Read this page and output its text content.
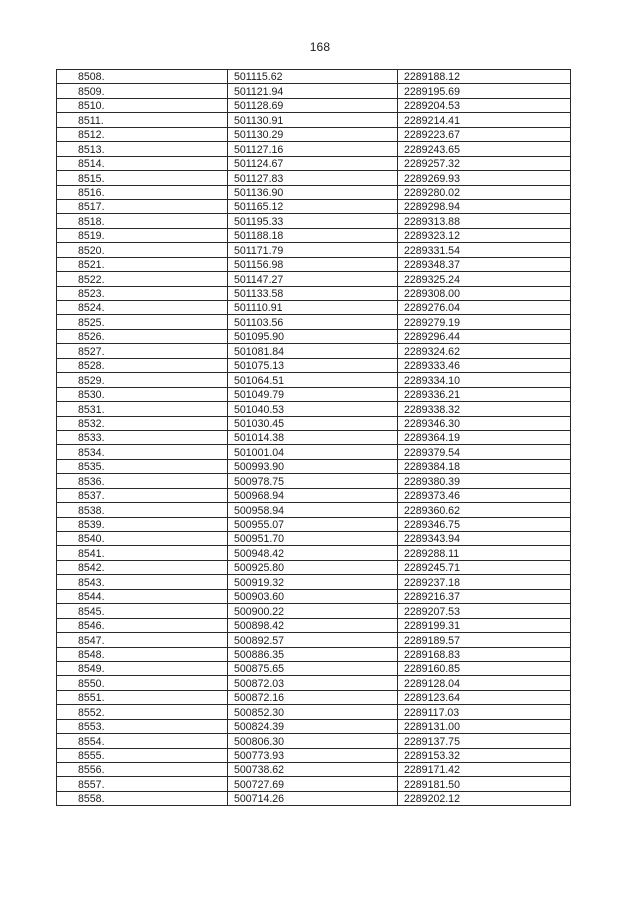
168
8508.	501115.62	2289188.12
8509.	501121.94	2289195.69
8510.	501128.69	2289204.53
8511.	501130.91	2289214.41
8512.	501130.29	2289223.67
8513.	501127.16	2289243.65
8514.	501124.67	2289257.32
8515.	501127.83	2289269.93
8516.	501136.90	2289280.02
8517.	501165.12	2289298.94
8518.	501195.33	2289313.88
8519.	501188.18	2289323.12
8520.	501171.79	2289331.54
8521.	501156.98	2289348.37
8522.	501147.27	2289325.24
8523.	501133.58	2289308.00
8524.	501110.91	2289276.04
8525.	501103.56	2289279.19
8526.	501095.90	2289296.44
8527.	501081.84	2289324.62
8528.	501075.13	2289333.46
8529.	501064.51	2289334.10
8530.	501049.79	2289336.21
8531.	501040.53	2289338.32
8532.	501030.45	2289346.30
8533.	501014.38	2289364.19
8534.	501001.04	2289379.54
8535.	500993.90	2289384.18
8536.	500978.75	2289380.39
8537.	500968.94	2289373.46
8538.	500958.94	2289360.62
8539.	500955.07	2289346.75
8540.	500951.70	2289343.94
8541.	500948.42	2289288.11
8542.	500925.80	2289245.71
8543.	500919.32	2289237.18
8544.	500903.60	2289216.37
8545.	500900.22	2289207.53
8546.	500898.42	2289199.31
8547.	500892.57	2289189.57
8548.	500886.35	2289168.83
8549.	500875.65	2289160.85
8550.	500872.03	2289128.04
8551.	500872.16	2289123.64
8552.	500852.30	2289117.03
8553.	500824.39	2289131.00
8554.	500806.30	2289137.75
8555.	500773.93	2289153.32
8556.	500738.62	2289171.42
8557.	500727.69	2289181.50
8558.	500714.26	2289202.12
